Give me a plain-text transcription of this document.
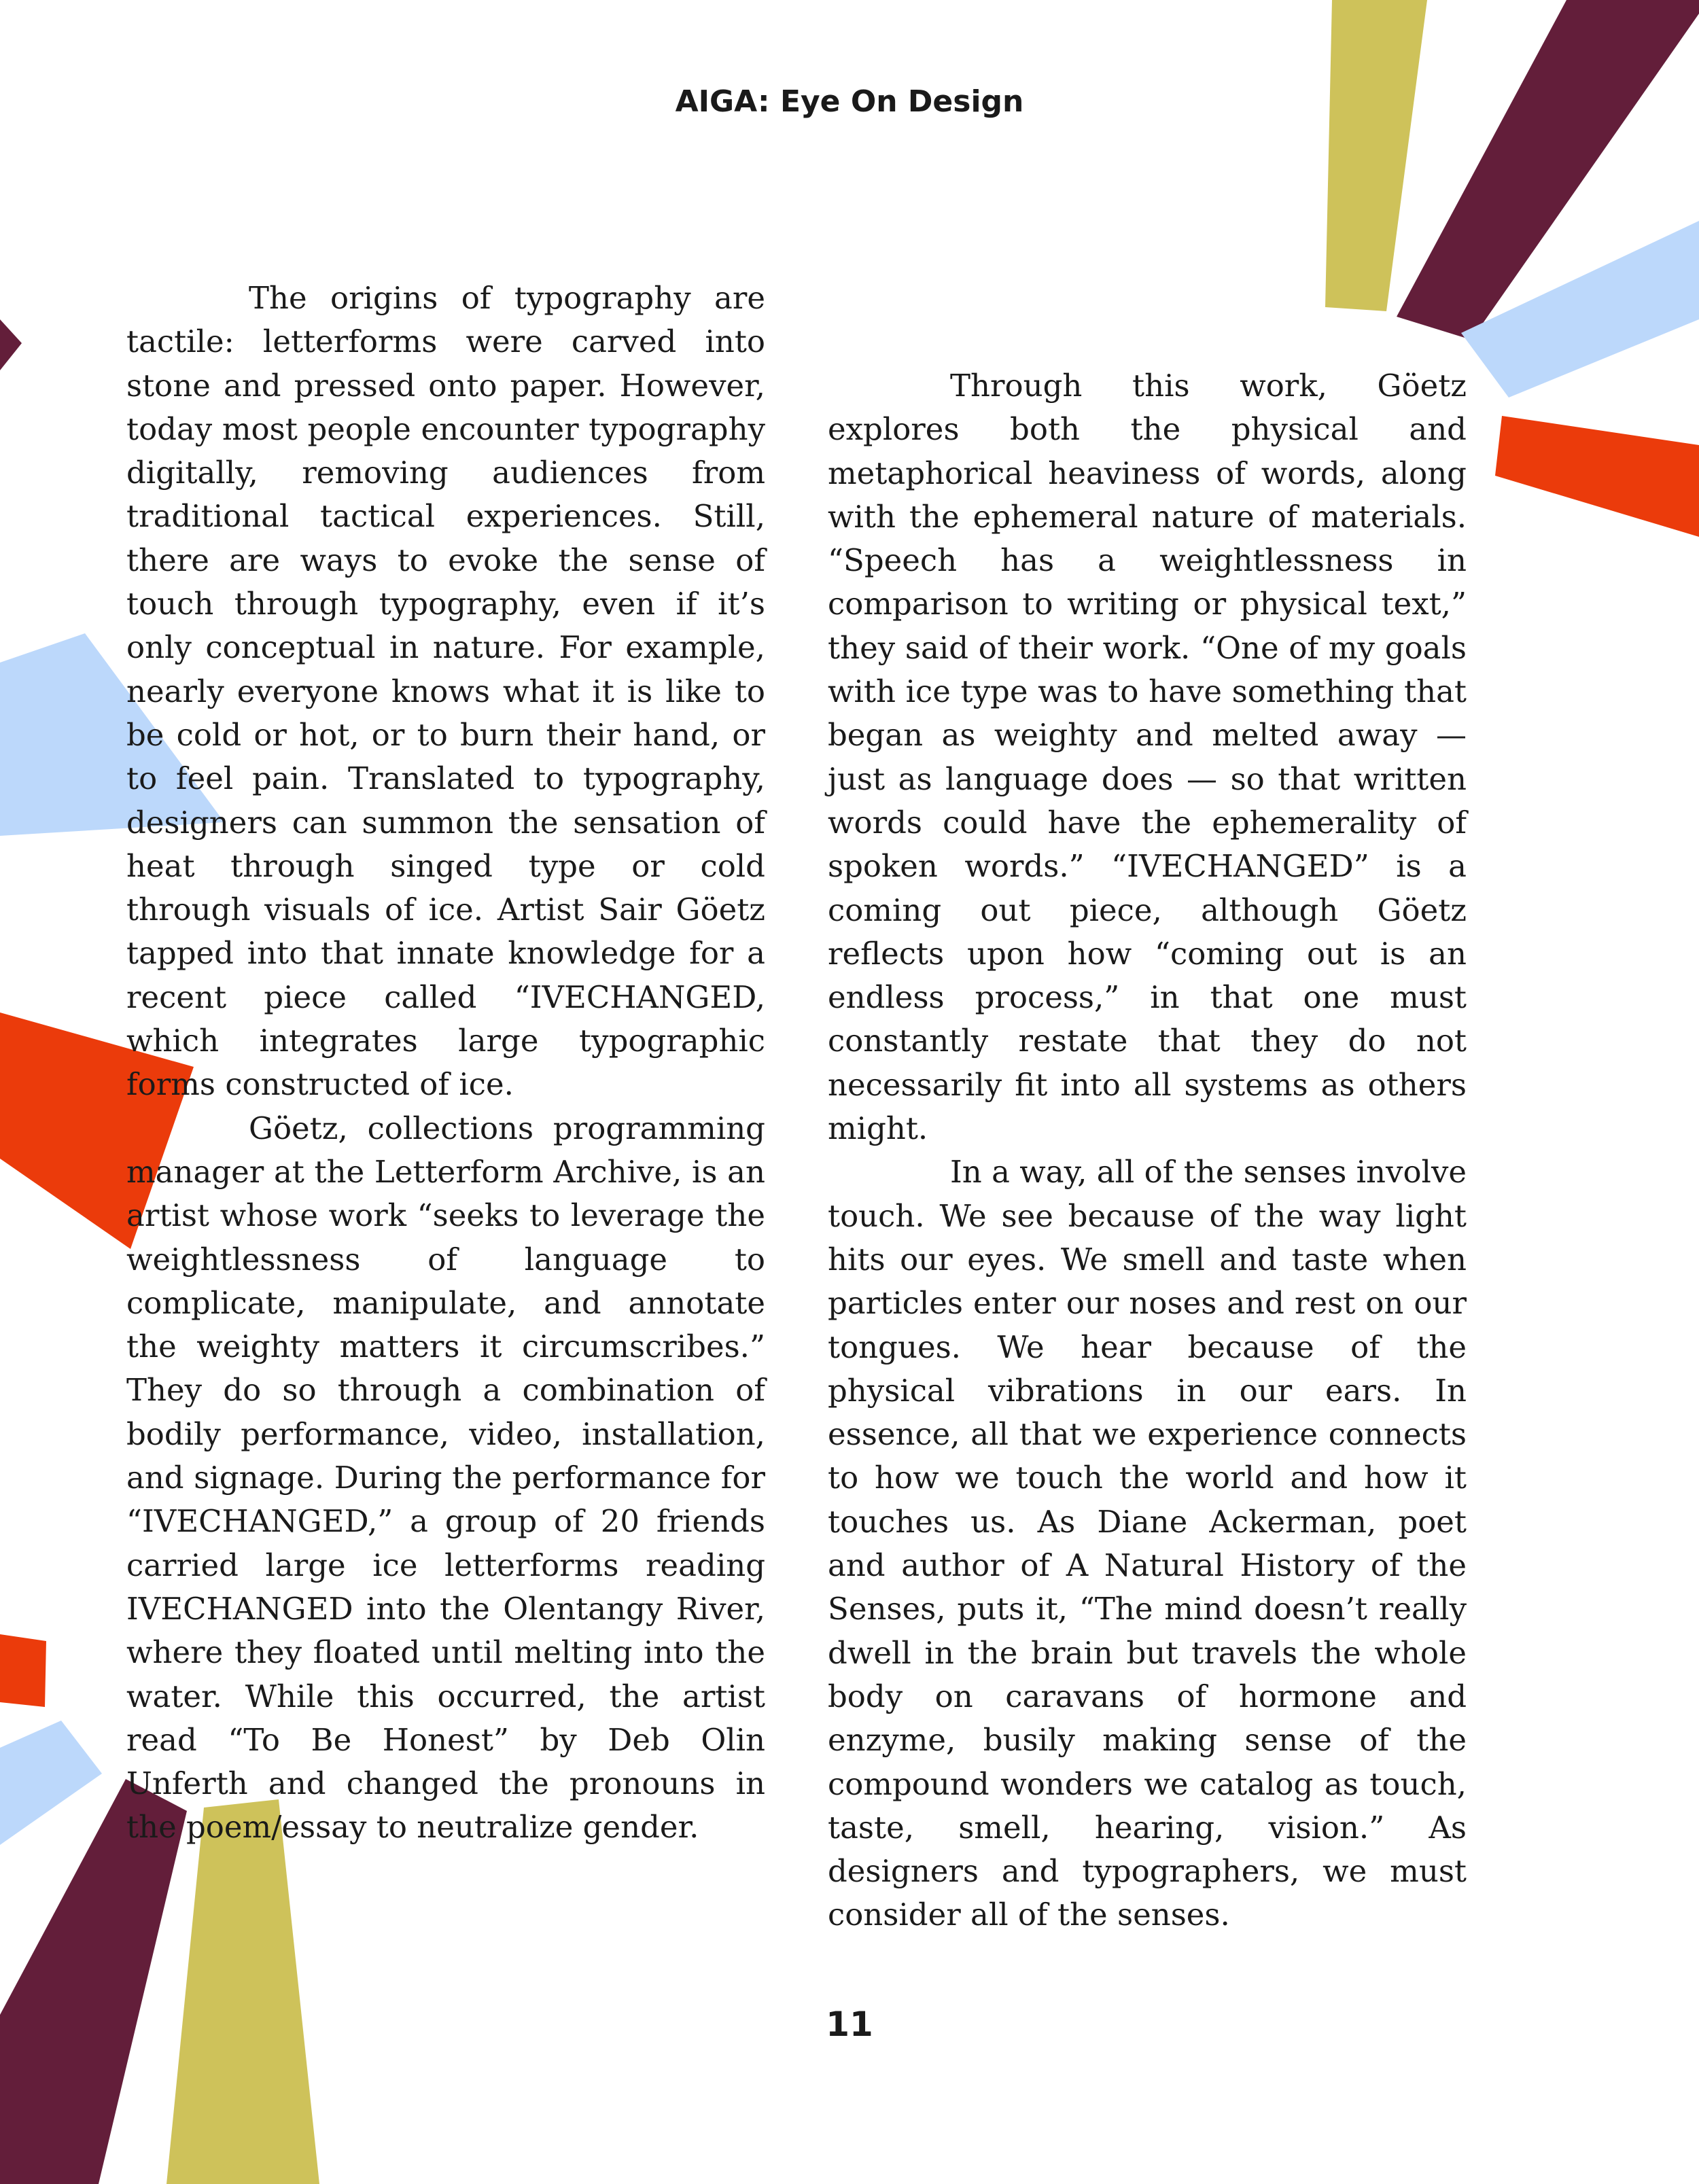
AIGA: Eye On Design

The origins of typography are tactile: letterforms were carved into stone and pressed onto paper. However, today most people encounter typography digitally, removing audiences from traditional tactical experiences. Still, there are ways to evoke the sense of touch through typography, even if it’s only conceptual in nature. For example, nearly everyone knows what it is like to be cold or hot, or to burn their hand, or to feel pain. Translated to typography, designers can summon the sensation of heat through singed type or cold through visuals of ice. Artist Sair Göetz tapped into that innate knowledge for a recent piece called “IVECHANGED, which integrates large typographic forms constructed of ice.

Göetz, collections programming manager at the Letterform Archive, is an artist whose work “seeks to leverage the weightlessness of language to complicate, manipulate, and annotate the weighty matters it circumscribes.” They do so through a combination of bodily performance, video, installation, and signage. During the performance for “IVECHANGED,” a group of 20 friends carried large ice letterforms reading IVECHANGED into the Olentangy River, where they floated until melting into the water. While this occurred, the artist read “To Be Honest” by Deb Olin Unferth and changed the pronouns in the poem/essay to neutralize gender.

Through this work, Göetz explores both the physical and metaphorical heaviness of words, along with the ephemeral nature of materials. “Speech has a weightlessness in comparison to writing or physical text,” they said of their work. “One of my goals with ice type was to have something that began as weighty and melted away — just as language does — so that written words could have the ephemerality of spoken words.” “IVECHANGED” is a coming out piece, although Göetz reflects upon how “coming out is an endless process,” in that one must constantly restate that they do not necessarily fit into all systems as others might.

In a way, all of the senses involve touch. We see because of the way light hits our eyes. We smell and taste when particles enter our noses and rest on our tongues. We hear because of the physical vibrations in our ears. In essence, all that we experience connects to how we touch the world and how it touches us. As Diane Ackerman, poet and author of A Natural History of the Senses, puts it, “The mind doesn’t really dwell in the brain but travels the whole body on caravans of hormone and enzyme, busily making sense of the compound wonders we catalog as touch, taste, smell, hearing, vision.” As designers and typographers, we must consider all of the senses.

11
